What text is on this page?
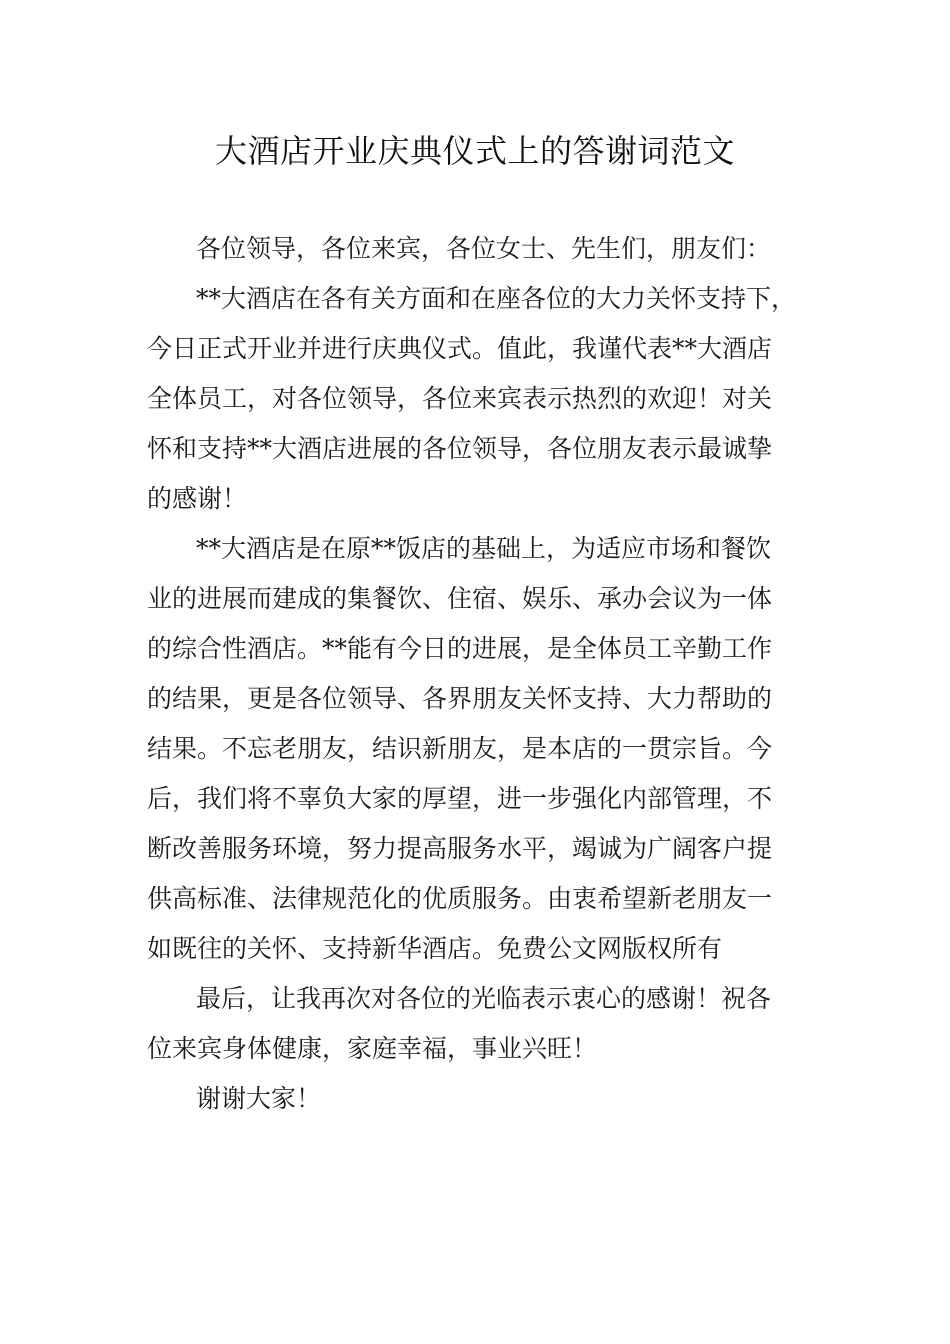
大酒店开业庆典仪式上的答谢词范文

各位领导，各位来宾，各位女士、先生们，朋友们：

**大酒店在各有关方面和在座各位的大力关怀支持下，

今日正式开业并进行庆典仪式。值此，我谨代表**大酒店

全体员工，对各位领导，各位来宾表示热烈的欢迎！对关

怀和支持**大酒店进展的各位领导，各位朋友表示最诚挚

的感谢！

**大酒店是在原**饭店的基础上，为适应市场和餐饮

业的进展而建成的集餐饮、住宿、娱乐、承办会议为一体

的综合性酒店。**能有今日的进展，是全体员工辛勤工作

的结果，更是各位领导、各界朋友关怀支持、大力帮助的

结果。不忘老朋友，结识新朋友，是本店的一贯宗旨。今

后，我们将不辜负大家的厚望，进一步强化内部管理，不

断改善服务环境，努力提高服务水平，竭诚为广阔客户提

供高标准、法律规范化的优质服务。由衷希望新老朋友一

如既往的关怀、支持新华酒店。免费公文网版权所有

最后，让我再次对各位的光临表示衷心的感谢！祝各

位来宾身体健康，家庭幸福，事业兴旺！

谢谢大家！
